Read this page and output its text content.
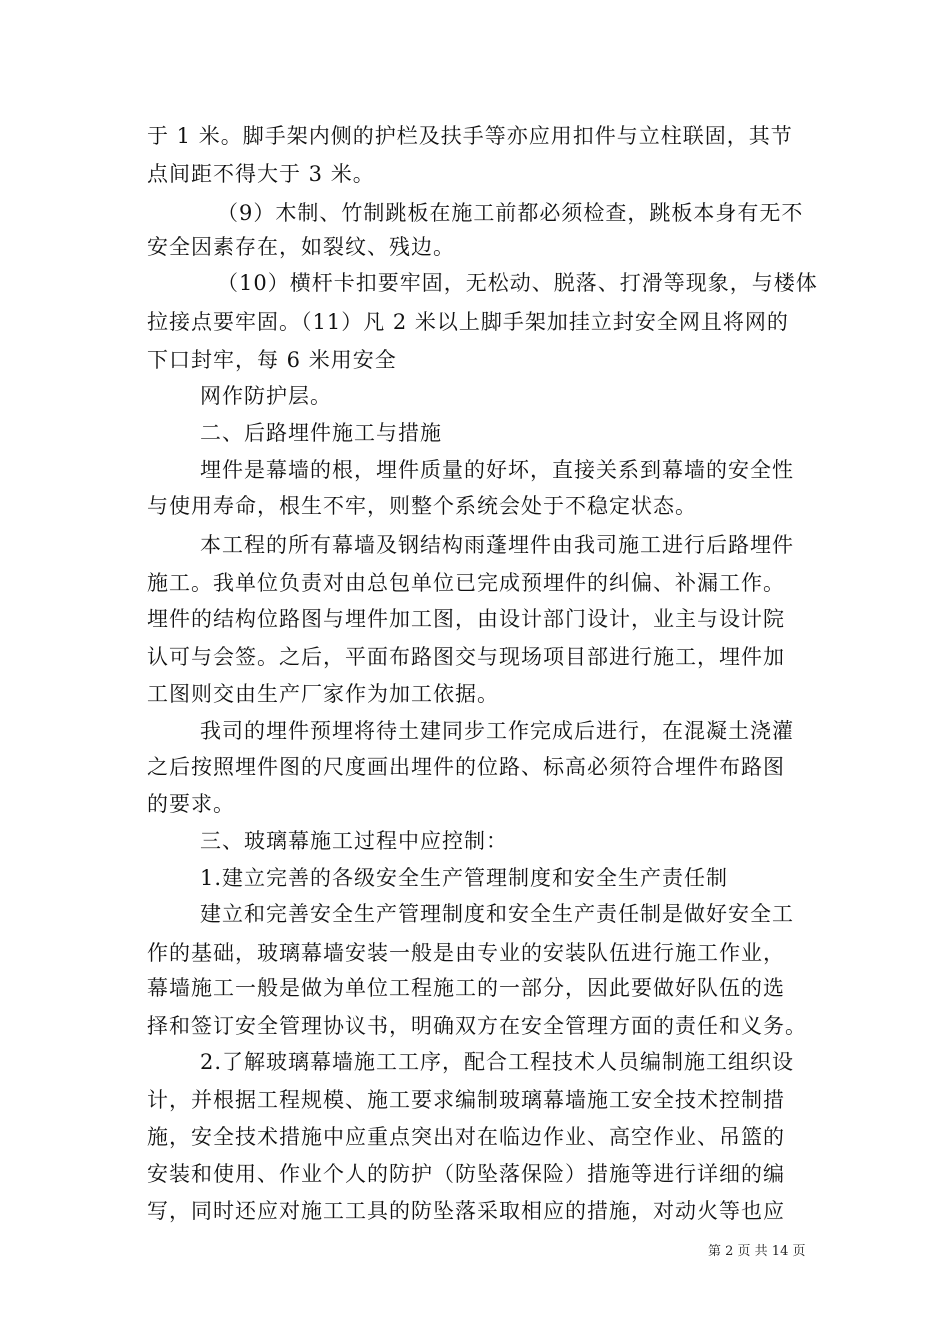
于 1 米。脚手架内侧的护栏及扶手等亦应用扣件与立柱联固，其节
点间距不得大于 3 米。
（9）木制、竹制跳板在施工前都必须检查，跳板本身有无不
安全因素存在，如裂纹、残边。
（10）横杆卡扣要牢固，无松动、脱落、打滑等现象，与楼体
拉接点要牢固。（11）凡 2 米以上脚手架加挂立封安全网且将网的
下口封牢，每 6 米用安全
网作防护层。
二、后路埋件施工与措施
埋件是幕墙的根，埋件质量的好坏，直接关系到幕墙的安全性
与使用寿命，根生不牢，则整个系统会处于不稳定状态。
本工程的所有幕墙及钢结构雨蓬埋件由我司施工进行后路埋件
施工。我单位负责对由总包单位已完成预埋件的纠偏、补漏工作。
埋件的结构位路图与埋件加工图，由设计部门设计，业主与设计院
认可与会签。之后，平面布路图交与现场项目部进行施工，埋件加
工图则交由生产厂家作为加工依据。
我司的埋件预埋将待土建同步工作完成后进行，在混凝土浇灌
之后按照埋件图的尺度画出埋件的位路、标高必须符合埋件布路图
的要求。
三、玻璃幕施工过程中应控制：
1.建立完善的各级安全生产管理制度和安全生产责任制
建立和完善安全生产管理制度和安全生产责任制是做好安全工
作的基础，玻璃幕墙安装一般是由专业的安装队伍进行施工作业，
幕墙施工一般是做为单位工程施工的一部分，因此要做好队伍的选
择和签订安全管理协议书，明确双方在安全管理方面的责任和义务。
2.了解玻璃幕墙施工工序，配合工程技术人员编制施工组织设
计，并根据工程规模、施工要求编制玻璃幕墙施工安全技术控制措
施，安全技术措施中应重点突出对在临边作业、高空作业、吊篮的
安装和使用、作业个人的防护（防坠落保险）措施等进行详细的编
写，同时还应对施工工具的防坠落采取相应的措施，对动火等也应
第 2 页 共 14 页
